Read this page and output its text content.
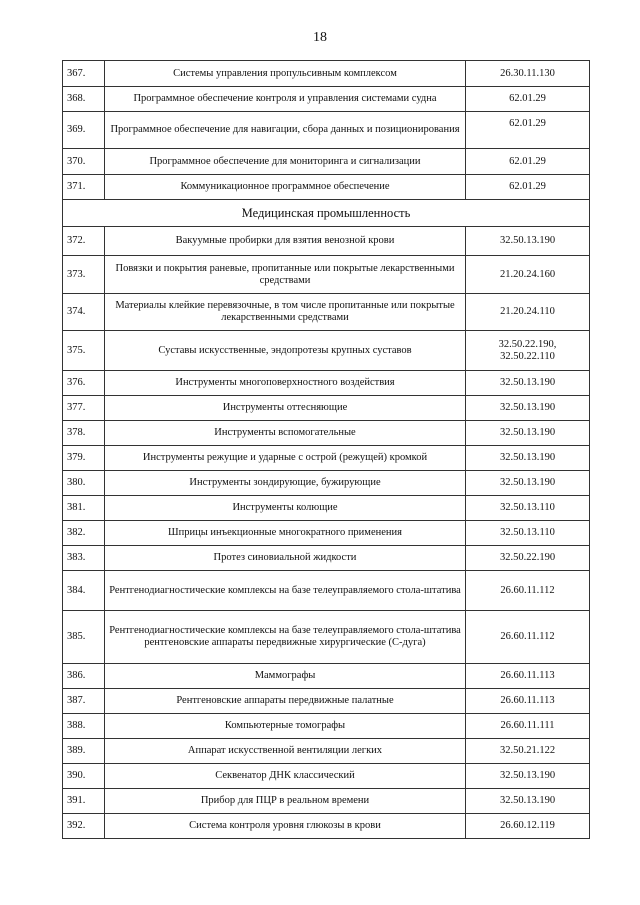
18
367.	Системы управления пропульсивным комплексом	26.30.11.130
368.	Программное обеспечение контроля и управления системами судна	62.01.29
369.	Программное обеспечение для навигации, сбора данных и позиционирования	62.01.29
370.	Программное обеспечение для мониторинга и сигнализации	62.01.29
371.	Коммуникационное программное обеспечение	62.01.29
Медицинская промышленность		
372.	Вакуумные пробирки для взятия венозной крови	32.50.13.190
373.	Повязки и покрытия раневые, пропитанные или покрытые лекарственными средствами	21.20.24.160
374.	Материалы клейкие перевязочные, в том числе пропитанные или покрытые лекарственными средствами	21.20.24.110
375.	Суставы искусственные, эндопротезы крупных суставов	32.50.22.190, 32.50.22.110
376.	Инструменты многоповерхностного воздействия	32.50.13.190
377.	Инструменты оттесняющие	32.50.13.190
378.	Инструменты вспомогательные	32.50.13.190
379.	Инструменты режущие и ударные с острой (режущей) кромкой	32.50.13.190
380.	Инструменты зондирующие, бужирующие	32.50.13.190
381.	Инструменты колющие	32.50.13.110
382.	Шприцы инъекционные многократного применения	32.50.13.110
383.	Протез синовиальной жидкости	32.50.22.190
384.	Рентгенодиагностические комплексы на базе телеуправляемого стола-штатива	26.60.11.112
385.	Рентгенодиагностические комплексы на базе телеуправляемого стола-штатива рентгеновские аппараты передвижные хирургические (С-дуга)	26.60.11.112
386.	Маммографы	26.60.11.113
387.	Рентгеновские аппараты передвижные палатные	26.60.11.113
388.	Компьютерные томографы	26.60.11.111
389.	Аппарат искусственной вентиляции легких	32.50.21.122
390.	Секвенатор ДНК классический	32.50.13.190
391.	Прибор для ПЦР в реальном времени	32.50.13.190
392.	Система контроля уровня глюкозы в крови	26.60.12.119
